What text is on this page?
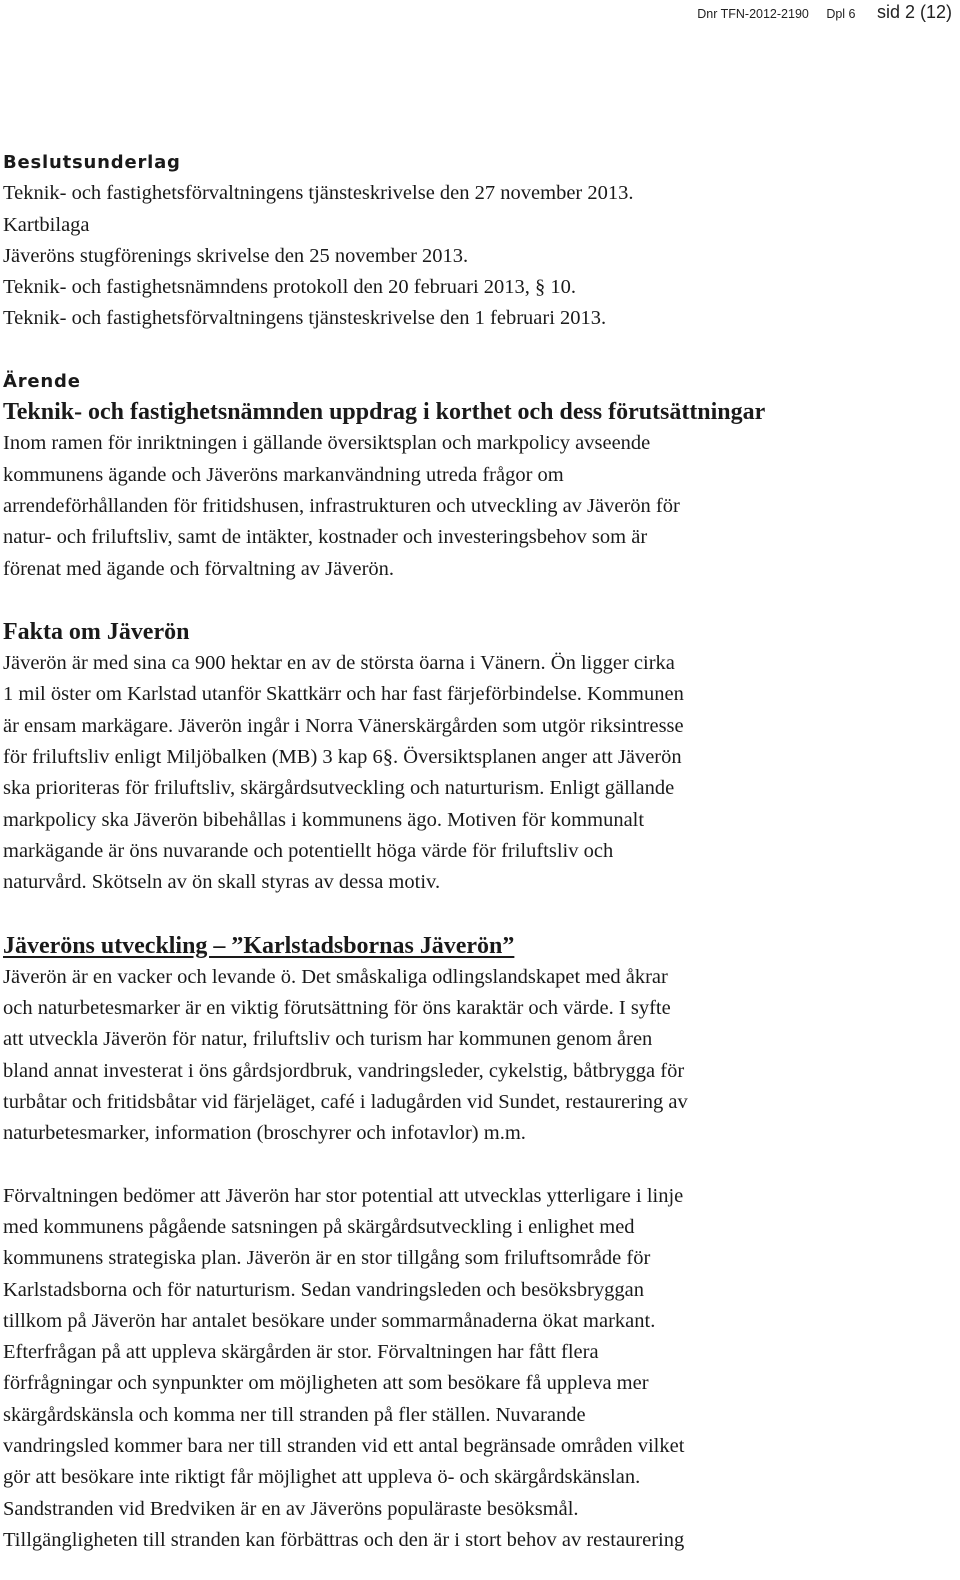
Dnr TFN-2012-2190 Dpl 6 sid 2 (12)
Beslutsunderlag

Teknik- och fastighetsförvaltningens tjänsteskrivelse den 27 november 2013.

Kartbilaga

Jäveröns stugförenings skrivelse den 25 november 2013.

Teknik- och fastighetsnämndens protokoll den 20 februari 2013, § 10.

Teknik- och fastighetsförvaltningens tjänsteskrivelse den 1 februari 2013.

Ärende
Teknik- och fastighetsnämnden uppdrag i korthet och dess förutsättningar

Inom ramen för inriktningen i gällande översiktsplan och markpolicy avseende

kommunens ägande och Jäveröns markanvändning utreda frågor om

arrendeförhållanden för fritidshusen, infrastrukturen och utveckling av Jäverön för

natur- och friluftsliv, samt de intäkter, kostnader och investeringsbehov som är

förenat med ägande och förvaltning av Jäverön.

Fakta om Jäverön

Jäverön är med sina ca 900 hektar en av de största öarna i Vänern. Ön ligger cirka

1 mil öster om Karlstad utanför Skattkärr och har fast färjeförbindelse. Kommunen

är ensam markägare. Jäverön ingår i Norra Vänerskärgården som utgör riksintresse

för friluftsliv enligt Miljöbalken (MB) 3 kap 6§. Översiktsplanen anger att Jäverön

ska prioriteras för friluftsliv, skärgårdsutveckling och naturturism. Enligt gällande

markpolicy ska Jäverön bibehållas i kommunens ägo. Motiven för kommunalt

markägande är öns nuvarande och potentiellt höga värde för friluftsliv och

naturvård. Skötseln av ön skall styras av dessa motiv.

Jäveröns utveckling – ”Karlstadsbornas Jäverön”

Jäverön är en vacker och levande ö. Det småskaliga odlingslandskapet med åkrar

och naturbetesmarker är en viktig förutsättning för öns karaktär och värde. I syfte

att utveckla Jäverön för natur, friluftsliv och turism har kommunen genom åren

bland annat investerat i öns gårdsjordbruk, vandringsleder, cykelstig, båtbrygga för

turbåtar och fritidsbåtar vid färjeläget, café i ladugården vid Sundet, restaurering av

naturbetesmarker, information (broschyrer och infotavlor) m.m.

Förvaltningen bedömer att Jäverön har stor potential att utvecklas ytterligare i linje

med kommunens pågående satsningen på skärgårdsutveckling i enlighet med

kommunens strategiska plan. Jäverön är en stor tillgång som friluftsområde för

Karlstadsborna och för naturturism. Sedan vandringsleden och besöksbryggan

tillkom på Jäverön har antalet besökare under sommarmånaderna ökat markant.

Efterfrågan på att uppleva skärgården är stor. Förvaltningen har fått flera

förfrågningar och synpunkter om möjligheten att som besökare få uppleva mer

skärgårdskänsla och komma ner till stranden på fler ställen. Nuvarande

vandringsled kommer bara ner till stranden vid ett antal begränsade områden vilket

gör att besökare inte riktigt får möjlighet att uppleva ö- och skärgårdskänslan.

Sandstranden vid Bredviken är en av Jäveröns populäraste besöksmål.

Tillgängligheten till stranden kan förbättras och den är i stort behov av restaurering
